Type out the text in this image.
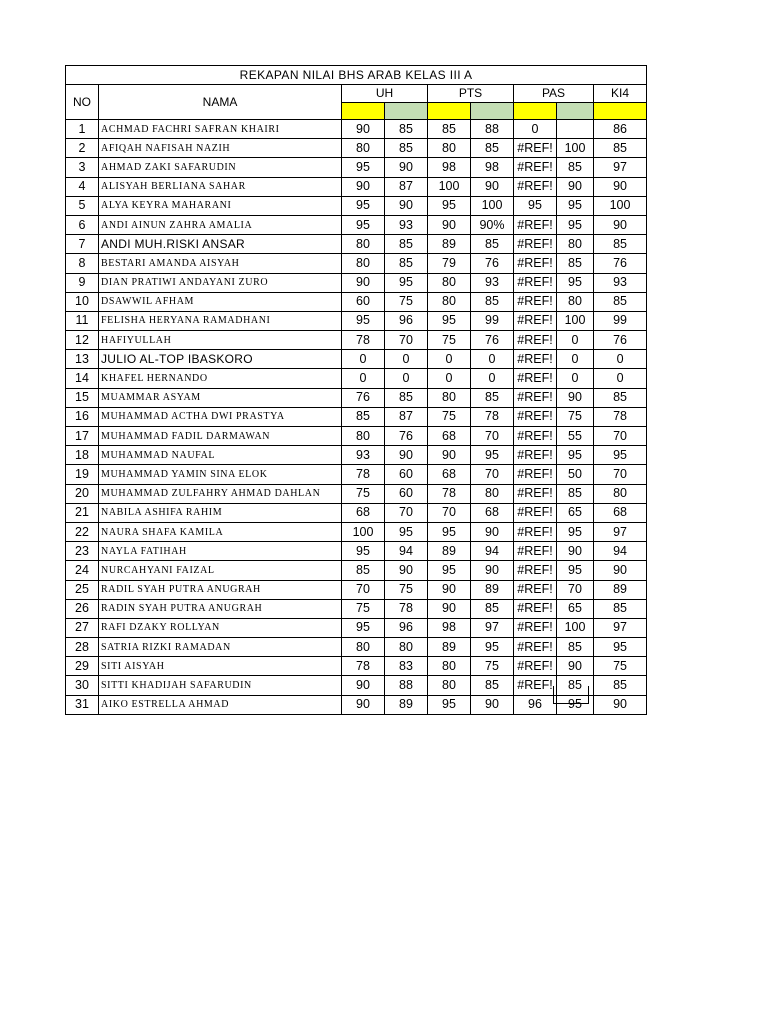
REKAPAN NILAI BHS ARAB KELAS III A								
NO	NAMA	UH		PTS		PAS		KI4

1	ACHMAD FACHRI SAFRAN KHAIRI	90	85	85	88	0		86
2	AFIQAH NAFISAH NAZIH	80	85	80	85	#REF!	100	85
3	AHMAD ZAKI SAFARUDIN	95	90	98	98	#REF!	85	97
4	ALISYAH BERLIANA SAHAR	90	87	100	90	#REF!	90	90
5	ALYA KEYRA MAHARANI	95	90	95	100	95	95	100
6	ANDI AINUN ZAHRA AMALIA	95	93	90	90%	#REF!	95	90
7	ANDI MUH.RISKI ANSAR	80	85	89	85	#REF!	80	85
8	BESTARI AMANDA AISYAH	80	85	79	76	#REF!	85	76
9	DIAN PRATIWI ANDAYANI ZURO	90	95	80	93	#REF!	95	93
10	DSAWWIL AFHAM	60	75	80	85	#REF!	80	85
11	FELISHA HERYANA RAMADHANI	95	96	95	99	#REF!	100	99
12	HAFIYULLAH	78	70	75	76	#REF!	0	76
13	JULIO AL-TOP IBASKORO	0	0	0	0	#REF!	0	0
14	KHAFEL HERNANDO	0	0	0	0	#REF!	0	0
15	MUAMMAR ASYAM	76	85	80	85	#REF!	90	85
16	MUHAMMAD ACTHA DWI PRASTYA	85	87	75	78	#REF!	75	78
17	MUHAMMAD FADIL DARMAWAN	80	76	68	70	#REF!	55	70
18	MUHAMMAD NAUFAL	93	90	90	95	#REF!	95	95
19	MUHAMMAD YAMIN SINA ELOK	78	60	68	70	#REF!	50	70
20	MUHAMMAD ZULFAHRY AHMAD DAHLAN	75	60	78	80	#REF!	85	80
21	NABILA ASHIFA RAHIM	68	70	70	68	#REF!	65	68
22	NAURA SHAFA KAMILA	100	95	95	90	#REF!	95	97
23	NAYLA FATIHAH	95	94	89	94	#REF!	90	94
24	NURCAHYANI FAIZAL	85	90	95	90	#REF!	95	90
25	RADIL SYAH PUTRA ANUGRAH	70	75	90	89	#REF!	70	89
26	RADIN SYAH PUTRA ANUGRAH	75	78	90	85	#REF!	65	85
27	RAFI DZAKY ROLLYAN	95	96	98	97	#REF!	100	97
28	SATRIA RIZKI RAMADAN	80	80	89	95	#REF!	85	95
29	SITI AISYAH	78	83	80	75	#REF!	90	75
30	SITTI KHADIJAH SAFARUDIN	90	88	80	85	#REF!	85	85
31	AIKO ESTRELLA AHMAD	90	89	95	90	96	95	90
